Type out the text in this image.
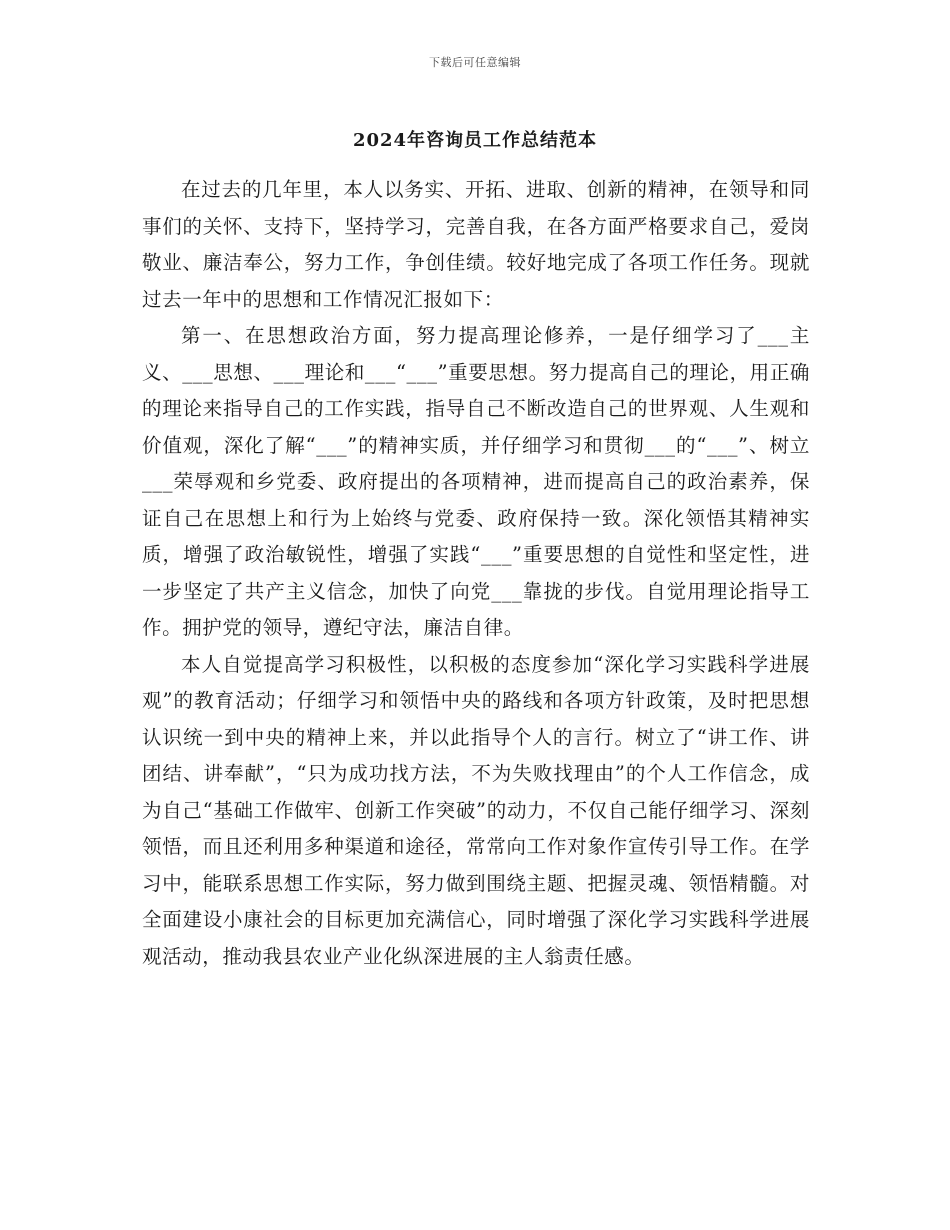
下载后可任意编辑
2024年咨询员工作总结范本

在过去的几年里，本人以务实、开拓、进取、创新的精神，在领导和同事们的关怀、支持下，坚持学习，完善自我，在各方面严格要求自己，爱岗敬业、廉洁奉公，努力工作，争创佳绩。较好地完成了各项工作任务。现就过去一年中的思想和工作情况汇报如下：

第一、在思想政治方面，努力提高理论修养，一是仔细学习了___主义、___思想、___理论和___“___”重要思想。努力提高自己的理论，用正确的理论来指导自己的工作实践，指导自己不断改造自己的世界观、人生观和价值观，深化了解“___”的精神实质，并仔细学习和贯彻___的“___”、树立___荣辱观和乡党委、政府提出的各项精神，进而提高自己的政治素养，保证自己在思想上和行为上始终与党委、政府保持一致。深化领悟其精神实质，增强了政治敏锐性，增强了实践“___”重要思想的自觉性和坚定性，进一步坚定了共产主义信念，加快了向党___靠拢的步伐。自觉用理论指导工作。拥护党的领导，遵纪守法，廉洁自律。

本人自觉提高学习积极性，以积极的态度参加“深化学习实践科学进展观”的教育活动；仔细学习和领悟中央的路线和各项方针政策，及时把思想认识统一到中央的精神上来，并以此指导个人的言行。树立了“讲工作、讲团结、讲奉献”，“只为成功找方法，不为失败找理由”的个人工作信念，成为自己“基础工作做牢、创新工作突破”的动力，不仅自己能仔细学习、深刻领悟，而且还利用多种渠道和途径，常常向工作对象作宣传引导工作。在学习中，能联系思想工作实际，努力做到围绕主题、把握灵魂、领悟精髓。对全面建设小康社会的目标更加充满信心，同时增强了深化学习实践科学进展观活动，推动我县农业产业化纵深进展的主人翁责任感。
